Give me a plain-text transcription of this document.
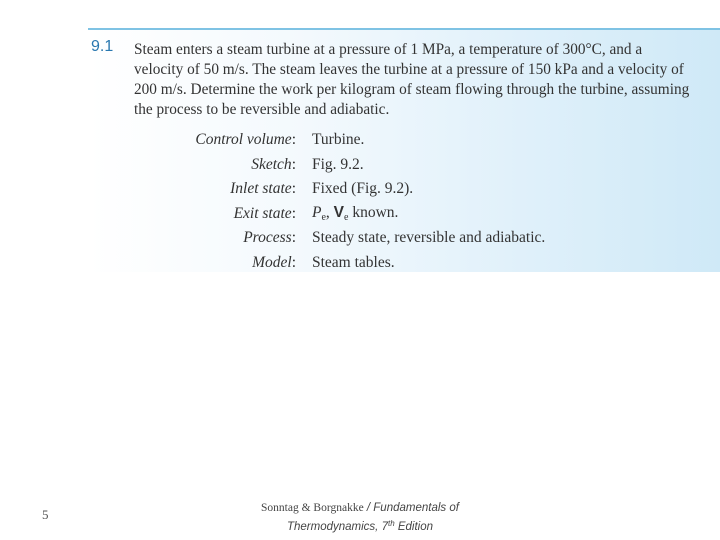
9.1 Steam enters a steam turbine at a pressure of 1 MPa, a temperature of 300°C, and a
velocity of 50 m/s. The steam leaves the turbine at a pressure of 150 kPa and a velocity of
200 m/s. Determine the work per kilogram of steam flowing through the turbine, assuming
the process to be reversible and adiabatic.
Control volume:		Turbine.
Sketch:		Fig. 9.2.
Inlet state:		Fixed (Fig. 9.2).
Exit state:		$P_e$, $V_e$ known.
Process:		Steady state, reversible and adiabatic.
Model:		Steam tables.
5	Sonntag & Borgnakke / Fundamentals of
Thermodynamics, 7th Edition
